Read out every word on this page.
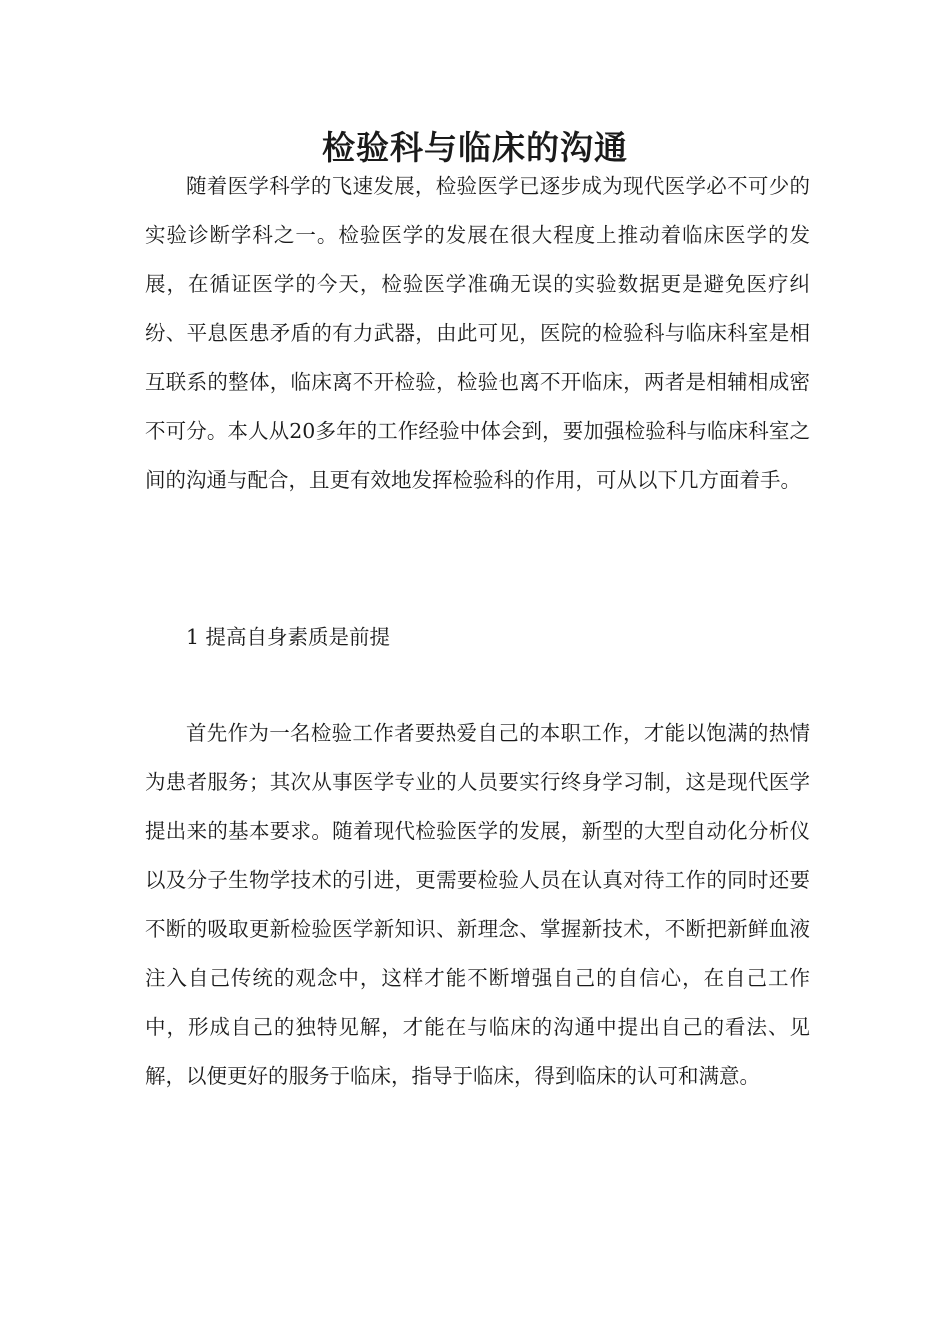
检验科与临床的沟通

随着医学科学的飞速发展，检验医学已逐步成为现代医学必不可少的实验诊断学科之一。检验医学的发展在很大程度上推动着临床医学的发展，在循证医学的今天，检验医学准确无误的实验数据更是避免医疗纠纷、平息医患矛盾的有力武器，由此可见，医院的检验科与临床科室是相互联系的整体，临床离不开检验，检验也离不开临床，两者是相辅相成密不可分。本人从20多年的工作经验中体会到，要加强检验科与临床科室之间的沟通与配合，且更有效地发挥检验科的作用，可从以下几方面着手。

1 提高自身素质是前提

首先作为一名检验工作者要热爱自己的本职工作，才能以饱满的热情为患者服务；其次从事医学专业的人员要实行终身学习制，这是现代医学提出来的基本要求。随着现代检验医学的发展，新型的大型自动化分析仪以及分子生物学技术的引进，更需要检验人员在认真对待工作的同时还要不断的吸取更新检验医学新知识、新理念、掌握新技术，不断把新鲜血液注入自己传统的观念中，这样才能不断增强自己的自信心，在自己工作中，形成自己的独特见解，才能在与临床的沟通中提出自己的看法、见解，以便更好的服务于临床，指导于临床，得到临床的认可和满意。
